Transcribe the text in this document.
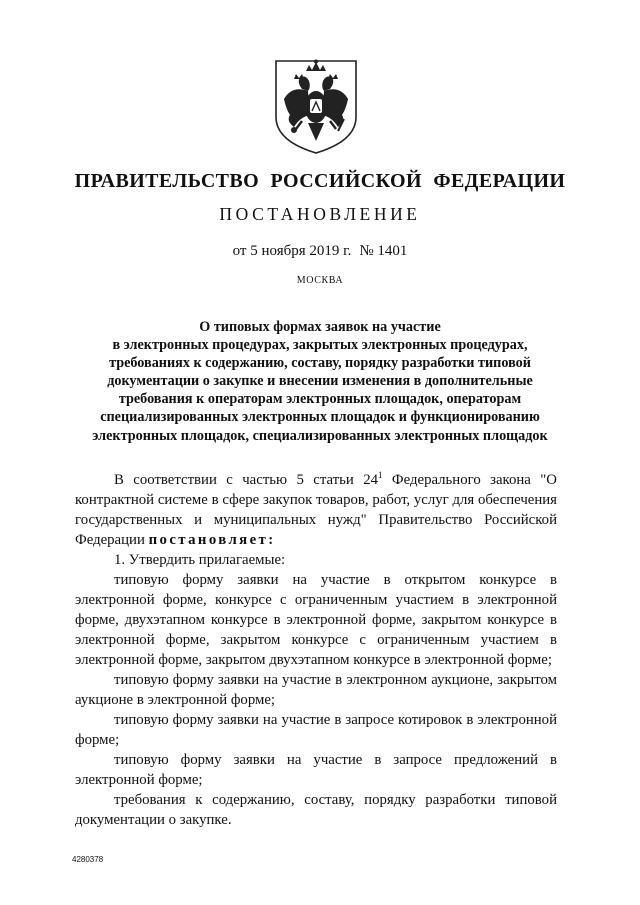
ПРАВИТЕЛЬСТВО РОССИЙСКОЙ ФЕДЕРАЦИИ
ПОСТАНОВЛЕНИЕ
от 5 ноября 2019 г. № 1401
МОСКВА
О типовых формах заявок на участие
в электронных процедурах, закрытых электронных процедурах,
требованиях к содержанию, составу, порядку разработки типовой
документации о закупке и внесении изменения в дополнительные
требования к операторам электронных площадок, операторам
специализированных электронных площадок и функционированию
электронных площадок, специализированных электронных площадок

В соответствии с частью 5 статьи $24^1$ Федерального закона "О контрактной системе в сфере закупок товаров, работ, услуг для обеспечения государственных и муниципальных нужд" Правительство Российской Федерации постановляет:

1. Утвердить прилагаемые:

типовую форму заявки на участие в открытом конкурсе в электронной форме, конкурсе с ограниченным участием в электронной форме, двухэтапном конкурсе в электронной форме, закрытом конкурсе в электронной форме, закрытом конкурсе с ограниченным участием в электронной форме, закрытом двухэтапном конкурсе в электронной форме;

типовую форму заявки на участие в электронном аукционе, закрытом аукционе в электронной форме;

типовую форму заявки на участие в запросе котировок в электронной форме;

типовую форму заявки на участие в запросе предложений в электронной форме;

требования к содержанию, составу, порядку разработки типовой документации о закупке.

4280378
